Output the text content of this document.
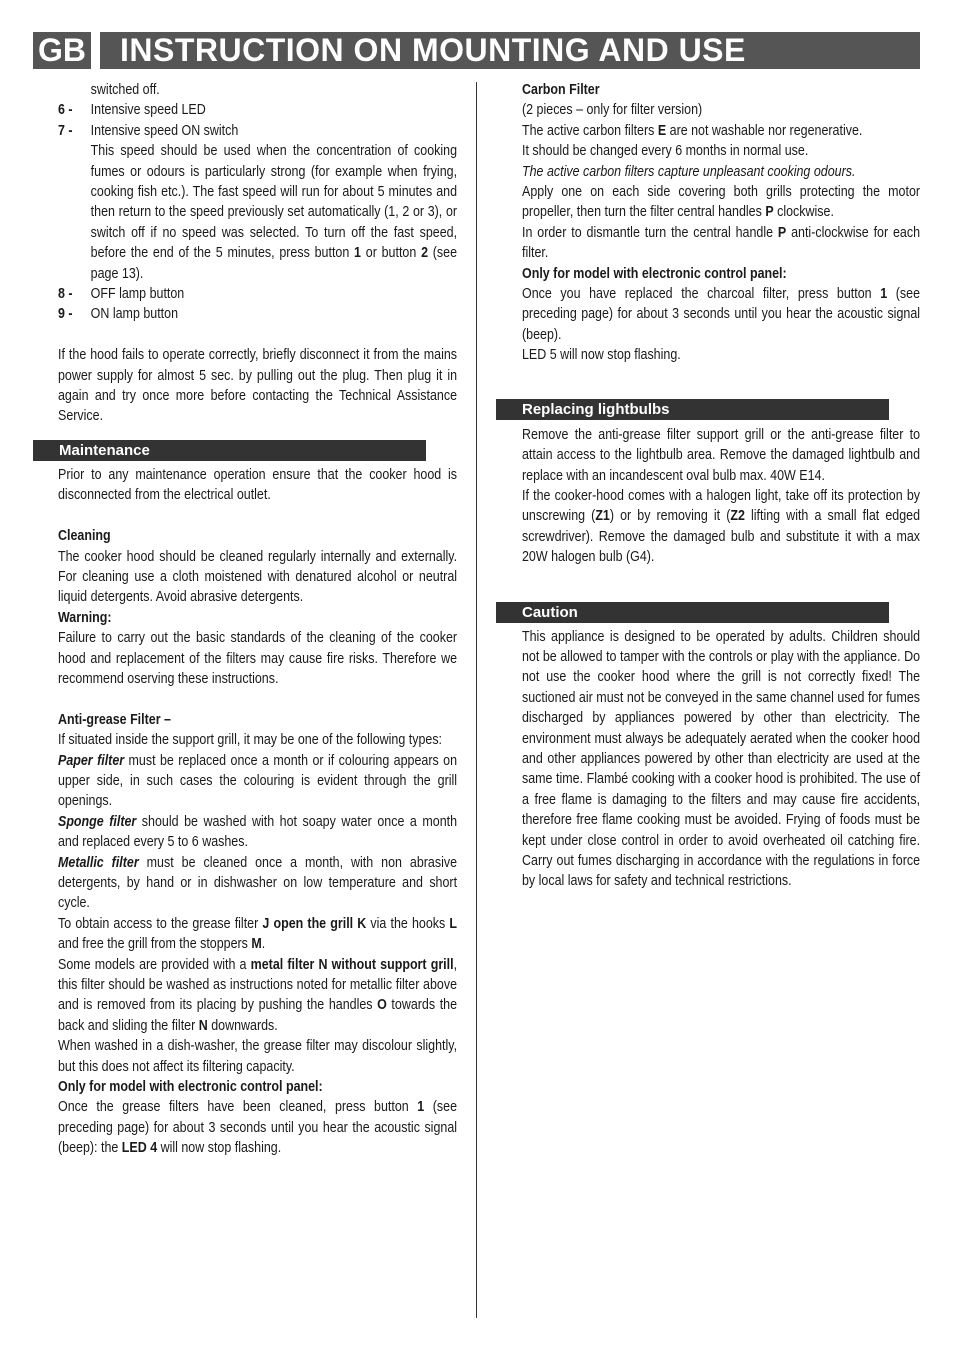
GB	INSTRUCTION ON MOUNTING AND USE
Maintenance
Replacing lightbulbs
Caution

switched off.

6 -	Intensive speed LED
7 -	Intensive speed ON switch

This speed should be used when the concentration of cooking fumes or odours is particularly strong (for example when frying, cooking fish etc.). The fast speed will run for about 5 minutes and then return to the speed previously set automatically (1, 2 or 3), or switch off if no speed was selected. To turn off the fast speed, before the end of the 5 minutes, press button 1 or button 2 (see page 13).

8 -	OFF lamp button
9 -	ON lamp button

If the hood fails to operate correctly, briefly disconnect it from the mains power supply for almost 5 sec. by pulling out the plug. Then plug it in again and try once more before contacting the Technical Assistance Service.

Prior to any maintenance operation ensure that the cooker hood is disconnected from the electrical outlet.

Cleaning

The cooker hood should be cleaned regularly internally and externally. For cleaning use a cloth moistened with denatured alcohol or neutral liquid detergents. Avoid abrasive detergents.

Warning:

Failure to carry out the basic standards of the cleaning of the cooker hood and replacement of the filters may cause fire risks. Therefore we recommend oserving these instructions.

Anti-grease Filter –

If situated inside the support grill, it may be one of the following types:

Paper filter must be replaced once a month or if colouring appears on upper side, in such cases the colouring is evident through the grill openings.

Sponge filter should be washed with hot soapy water once a month and replaced every 5 to 6 washes.

Metallic filter must be cleaned once a month, with non abrasive detergents, by hand or in dishwasher on low temperature and short cycle.

To obtain access to the grease filter J open the grill K via the hooks L and free the grill from the stoppers M.

Some models are provided with a metal filter N without support grill, this filter should be washed as instructions noted for metallic filter above and is removed from its placing by pushing the handles O towards the back and sliding the filter N downwards.

When washed in a dish-washer, the grease filter may discolour slightly, but this does not affect its filtering capacity.

Only for model with electronic control panel:

Once the grease filters have been cleaned, press button 1 (see preceding page) for about 3 seconds until you hear the acoustic signal (beep): the LED 4 will now stop flashing.

Carbon Filter

(2 pieces – only for filter version)

The active carbon filters E are not washable nor regenerative.

It should be changed every 6 months in normal use.

The active carbon filters capture unpleasant cooking odours.

Apply one on each side covering both grills protecting the motor propeller, then turn the filter central handles P clockwise.

In order to dismantle turn the central handle P anti-clockwise for each filter.

Only for model with electronic control panel:

Once you have replaced the charcoal filter, press button 1 (see preceding page) for about 3 seconds until you hear the acoustic signal (beep).

LED 5 will now stop flashing.

Remove the anti-grease filter support grill or the anti-grease filter to attain access to the lightbulb area. Remove the damaged lightbulb and replace with an incandescent oval bulb max. 40W E14.

If the cooker-hood comes with a halogen light, take off its protection by unscrewing (Z1) or by removing it (Z2 lifting with a small flat edged screwdriver). Remove the damaged bulb and substitute it with a max 20W halogen bulb (G4).

This appliance is designed to be operated by adults. Children should not be allowed to tamper with the controls or play with the appliance. Do not use the cooker hood where the grill is not correctly fixed! The suctioned air must not be conveyed in the same channel used for fumes discharged by appliances powered by other than electricity. The environment must always be adequately aerated when the cooker hood and other appliances powered by other than electricity are used at the same time. Flambé cooking with a cooker hood is prohibited. The use of a free flame is damaging to the filters and may cause fire accidents, therefore free flame cooking must be avoided. Frying of foods must be kept under close control in order to avoid overheated oil catching fire. Carry out fumes discharging in accordance with the regulations in force by local laws for safety and technical restrictions.
